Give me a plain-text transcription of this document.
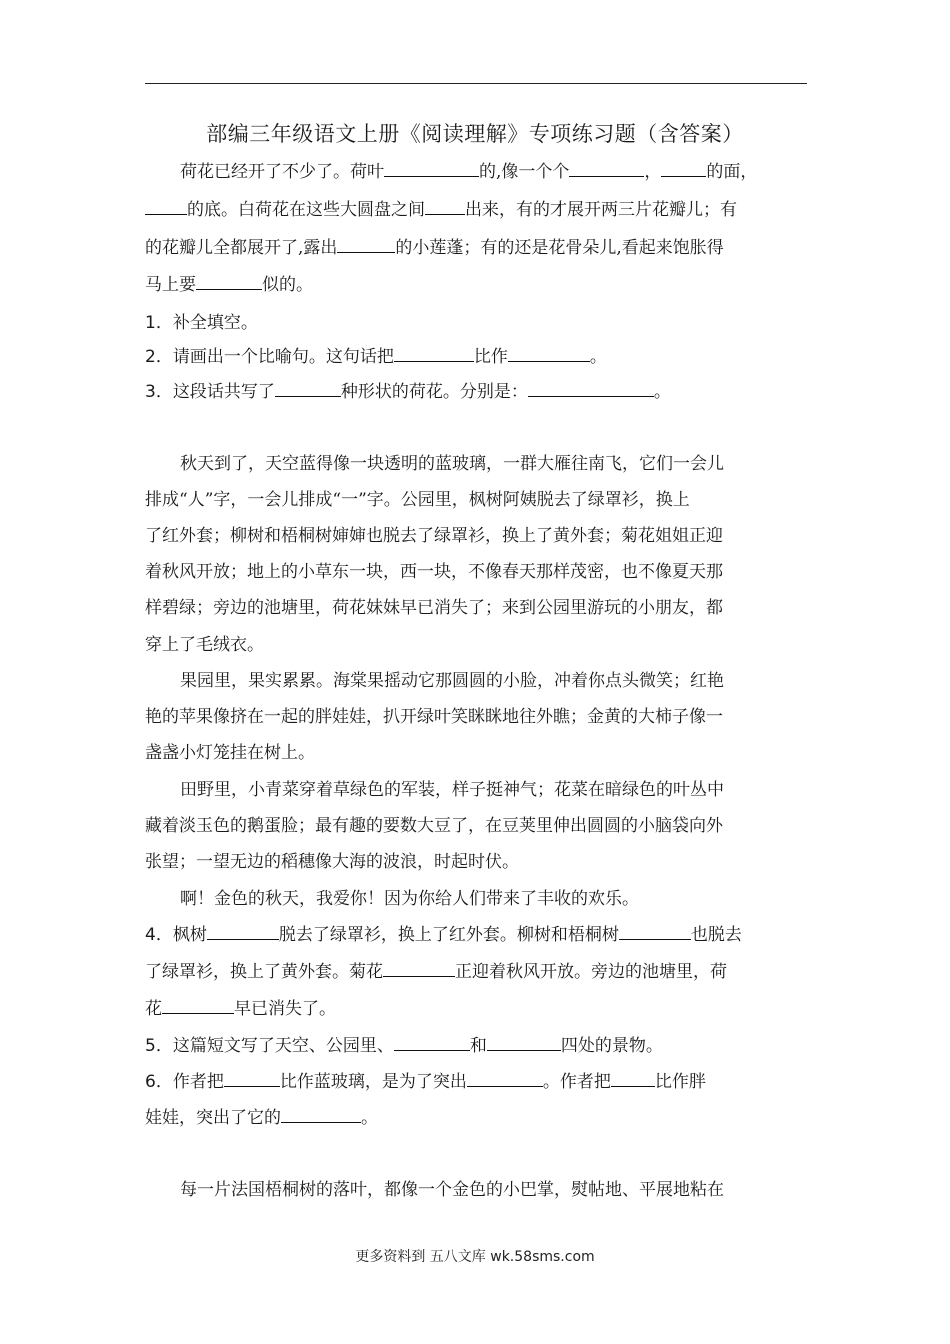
部编三年级语文上册《阅读理解》专项练习题（含答案）
荷花已经开了不少了。荷叶	的,像一个个	，	的面，
的底。白荷花在这些大圆盘之间 出来，有的才展开两三片花瓣儿；有
的花瓣儿全都展开了,露出	的小莲蓬；有的还是花骨朵儿,看起来饱胀得
马上要	似的。
1．补全填空。
2．请画出一个比喻句。这句话把	比作	。
3．这段话共写了	种形状的荷花。分别是：	。
秋天到了，天空蓝得像一块透明的蓝玻璃，一群大雁往南飞，它们一会儿
排成“人”字，一会儿排成“一”字。公园里，枫树阿姨脱去了绿罩衫，换上
了红外套；柳树和梧桐树婶婶也脱去了绿罩衫，换上了黄外套；菊花姐姐正迎
着秋风开放；地上的小草东一块，西一块，不像春天那样茂密，也不像夏天那
样碧绿；旁边的池塘里，荷花妹妹早已消失了；来到公园里游玩的小朋友，都
穿上了毛绒衣。
果园里，果实累累。海棠果摇动它那圆圆的小脸，冲着你点头微笑；红艳
艳的苹果像挤在一起的胖娃娃，扒开绿叶笑眯眯地往外瞧；金黄的大柿子像一
盏盏小灯笼挂在树上。
田野里，小青菜穿着草绿色的军装，样子挺神气；花菜在暗绿色的叶丛中
藏着淡玉色的鹅蛋脸；最有趣的要数大豆了，在豆荚里伸出圆圆的小脑袋向外
张望；一望无边的稻穗像大海的波浪，时起时伏。
啊！金色的秋天，我爱你！因为你给人们带来了丰收的欢乐。
4．枫树	脱去了绿罩衫，换上了红外套。柳树和梧桐树	也脱去
了绿罩衫，换上了黄外套。菊花	正迎着秋风开放。旁边的池塘里，荷
花	早已消失了。
5．这篇短文写了天空、公园里、	和	四处的景物。
6．作者把	比作蓝玻璃，是为了突出	。作者把	比作胖
娃娃，突出了它的	。
每一片法国梧桐树的落叶，都像一个金色的小巴掌，熨帖地、平展地粘在
更多资料到 五八文库 wk.58sms.com
